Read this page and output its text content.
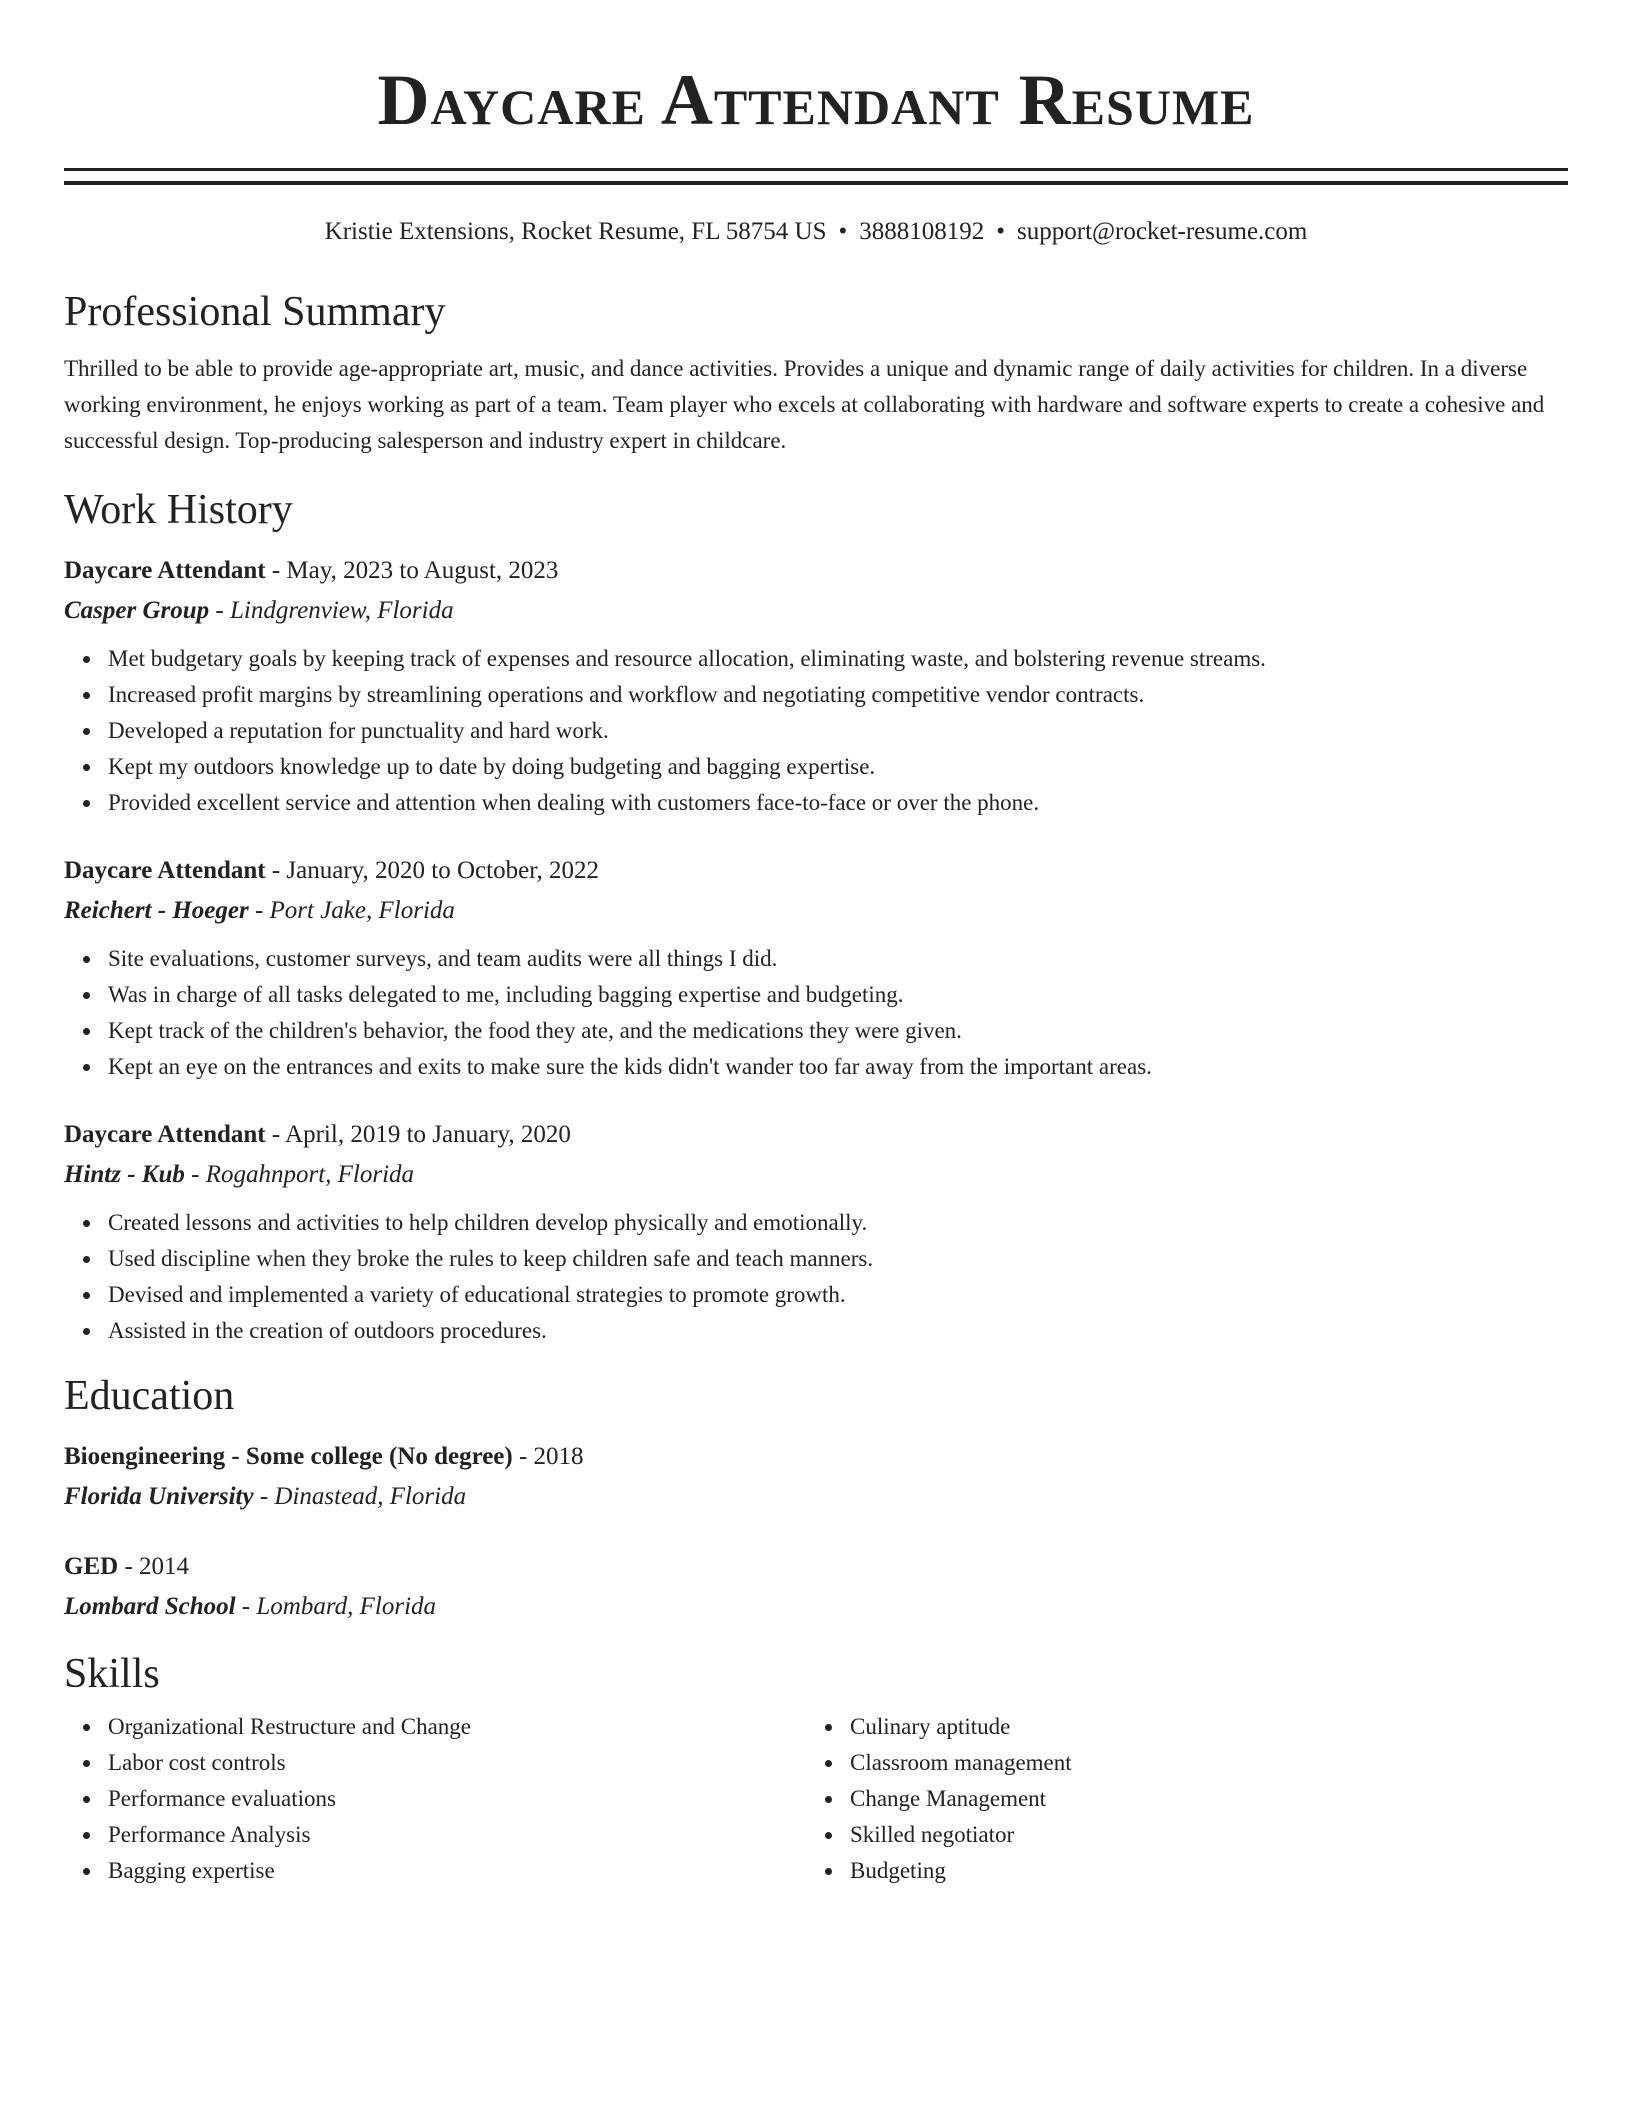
Daycare Attendant Resume
Kristie Extensions, Rocket Resume, FL 58754 US • 3888108192 • support@rocket-resume.com
Professional Summary

Thrilled to be able to provide age-appropriate art, music, and dance activities. Provides a unique and dynamic range of daily activities for children. In a diverse working environment, he enjoys working as part of a team. Team player who excels at collaborating with hardware and software experts to create a cohesive and successful design. Top-producing salesperson and industry expert in childcare.

Work History
Daycare Attendant - May, 2023 to August, 2023
Casper Group - Lindgrenview, Florida
Met budgetary goals by keeping track of expenses and resource allocation, eliminating waste, and bolstering revenue streams.
Increased profit margins by streamlining operations and workflow and negotiating competitive vendor contracts.
Developed a reputation for punctuality and hard work.
Kept my outdoors knowledge up to date by doing budgeting and bagging expertise.
Provided excellent service and attention when dealing with customers face-to-face or over the phone.
Daycare Attendant - January, 2020 to October, 2022
Reichert - Hoeger - Port Jake, Florida
Site evaluations, customer surveys, and team audits were all things I did.
Was in charge of all tasks delegated to me, including bagging expertise and budgeting.
Kept track of the children's behavior, the food they ate, and the medications they were given.
Kept an eye on the entrances and exits to make sure the kids didn't wander too far away from the important areas.
Daycare Attendant - April, 2019 to January, 2020
Hintz - Kub - Rogahnport, Florida
Created lessons and activities to help children develop physically and emotionally.
Used discipline when they broke the rules to keep children safe and teach manners.
Devised and implemented a variety of educational strategies to promote growth.
Assisted in the creation of outdoors procedures.
Education
Bioengineering - Some college (No degree) - 2018
Florida University - Dinastead, Florida
GED - 2014
Lombard School - Lombard, Florida
Skills
Organizational Restructure and Change
Labor cost controls
Performance evaluations
Performance Analysis
Bagging expertise
Culinary aptitude
Classroom management
Change Management
Skilled negotiator
Budgeting
